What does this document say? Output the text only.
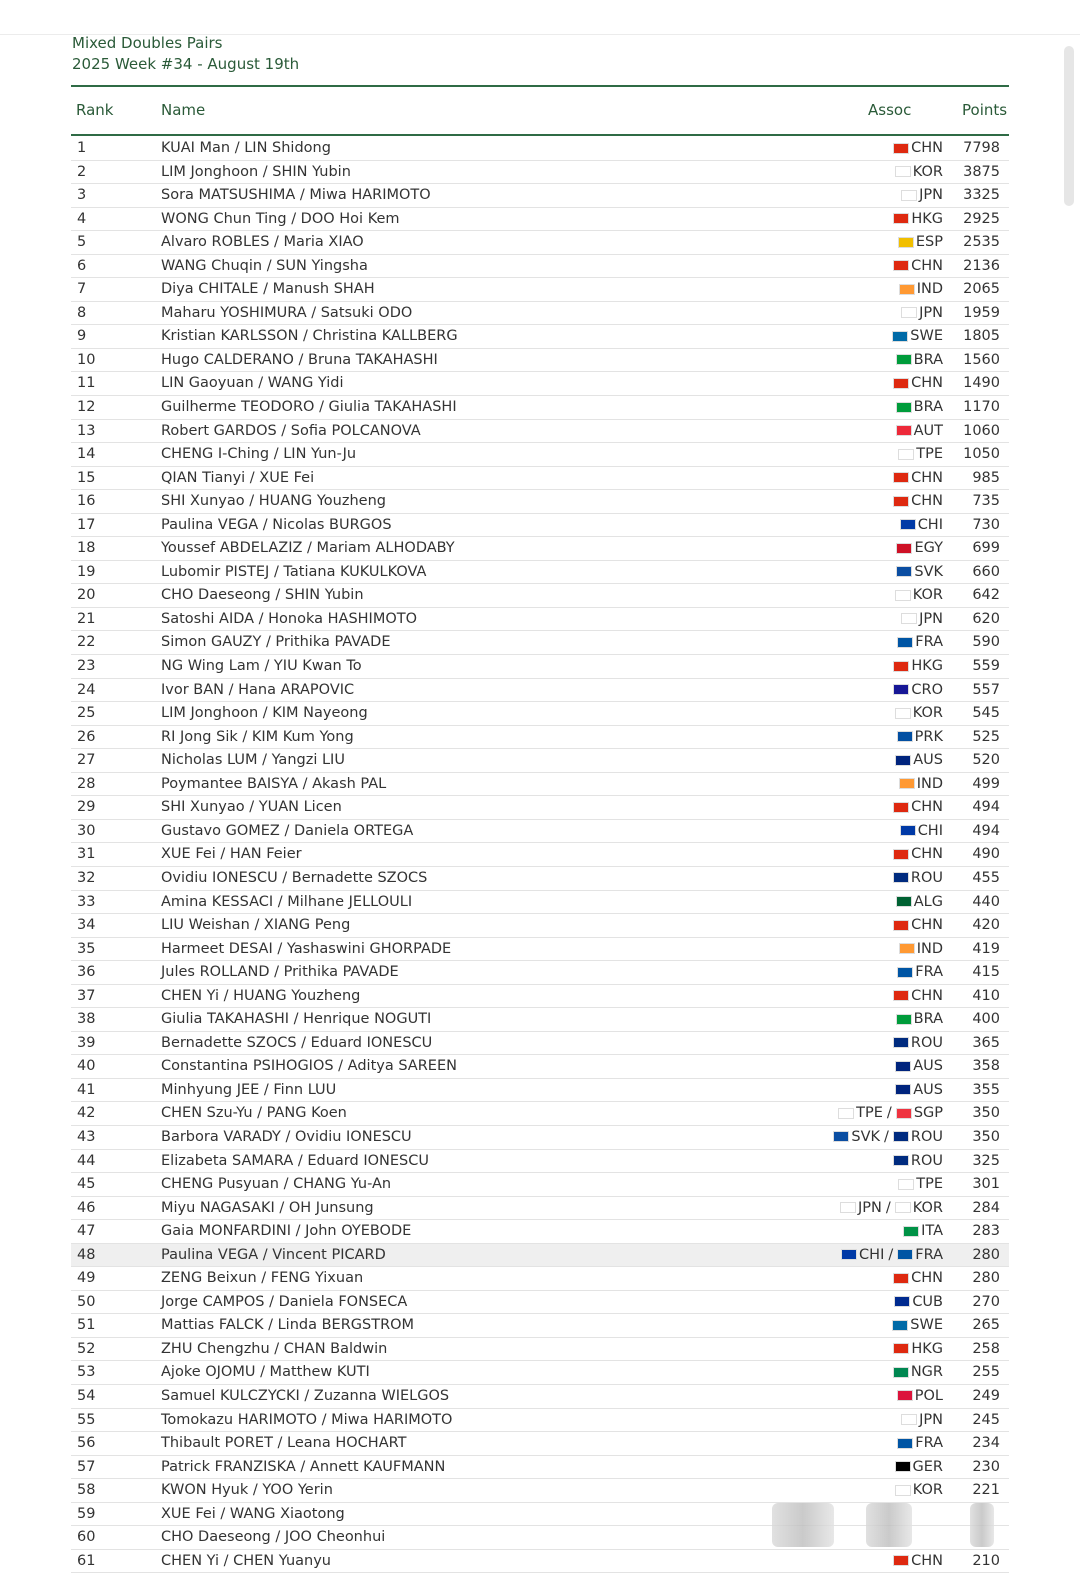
Mixed Doubles Pairs
2025 Week #34 - August 19th
Rank	Name	Assoc	Points
1	KUAI Man / LIN Shidong	CHN 7798
2	LIM Jonghoon / SHIN Yubin	KOR 3875
3	Sora MATSUSHIMA / Miwa HARIMOTO	JPN 3325
4	WONG Chun Ting / DOO Hoi Kem	HKG 2925
5	Alvaro ROBLES / Maria XIAO	ESP 2535
6	WANG Chuqin / SUN Yingsha	CHN 2136
7	Diya CHITALE / Manush SHAH	IND 2065
8	Maharu YOSHIMURA / Satsuki ODO	JPN 1959
9	Kristian KARLSSON / Christina KALLBERG	SWE 1805
10	Hugo CALDERANO / Bruna TAKAHASHI	BRA 1560
11	LIN Gaoyuan / WANG Yidi	CHN 1490
12	Guilherme TEODORO / Giulia TAKAHASHI	BRA 1170
13	Robert GARDOS / Sofia POLCANOVA	AUT 1060
14	CHENG I-Ching / LIN Yun-Ju	TPE 1050
15	QIAN Tianyi / XUE Fei	CHN 985
16	SHI Xunyao / HUANG Youzheng	CHN 735
17	Paulina VEGA / Nicolas BURGOS	CHI 730
18	Youssef ABDELAZIZ / Mariam ALHODABY	EGY 699
19	Lubomir PISTEJ / Tatiana KUKULKOVA	SVK 660
20	CHO Daeseong / SHIN Yubin	KOR 642
21	Satoshi AIDA / Honoka HASHIMOTO	JPN 620
22	Simon GAUZY / Prithika PAVADE	FRA 590
23	NG Wing Lam / YIU Kwan To	HKG 559
24	Ivor BAN / Hana ARAPOVIC	CRO 557
25	LIM Jonghoon / KIM Nayeong	KOR 545
26	RI Jong Sik / KIM Kum Yong	PRK 525
27	Nicholas LUM / Yangzi LIU	AUS 520
28	Poymantee BAISYA / Akash PAL	IND 499
29	SHI Xunyao / YUAN Licen	CHN 494
30	Gustavo GOMEZ / Daniela ORTEGA	CHI 494
31	XUE Fei / HAN Feier	CHN 490
32	Ovidiu IONESCU / Bernadette SZOCS	ROU 455
33	Amina KESSACI / Milhane JELLOULI	ALG 440
34	LIU Weishan / XIANG Peng	CHN 420
35	Harmeet DESAI / Yashaswini GHORPADE	IND 419
36	Jules ROLLAND / Prithika PAVADE	FRA 415
37	CHEN Yi / HUANG Youzheng	CHN 410
38	Giulia TAKAHASHI / Henrique NOGUTI	BRA 400
39	Bernadette SZOCS / Eduard IONESCU	ROU 365
40	Constantina PSIHOGIOS / Aditya SAREEN	AUS 358
41	Minhyung JEE / Finn LUU	AUS 355
42	CHEN Szu-Yu / PANG Koen	TPE / SGP 350
43	Barbora VARADY / Ovidiu IONESCU	SVK / ROU 350
44	Elizabeta SAMARA / Eduard IONESCU	ROU 325
45	CHENG Pusyuan / CHANG Yu-An	TPE 301
46	Miyu NAGASAKI / OH Junsung	JPN / KOR 284
47	Gaia MONFARDINI / John OYEBODE	ITA 283
48	Paulina VEGA / Vincent PICARD	CHI / FRA 280
49	ZENG Beixun / FENG Yixuan	CHN 280
50	Jorge CAMPOS / Daniela FONSECA	CUB 270
51	Mattias FALCK / Linda BERGSTROM	SWE 265
52	ZHU Chengzhu / CHAN Baldwin	HKG 258
53	Ajoke OJOMU / Matthew KUTI	NGR 255
54	Samuel KULCZYCKI / Zuzanna WIELGOS	POL 249
55	Tomokazu HARIMOTO / Miwa HARIMOTO	JPN 245
56	Thibault PORET / Leana HOCHART	FRA 234
57	Patrick FRANZISKA / Annett KAUFMANN	GER 230
58	KWON Hyuk / YOO Yerin	KOR 221
59	XUE Fei / WANG Xiaotong
60	CHO Daeseong / JOO Cheonhui
61	CHEN Yi / CHEN Yuanyu	CHN 210
